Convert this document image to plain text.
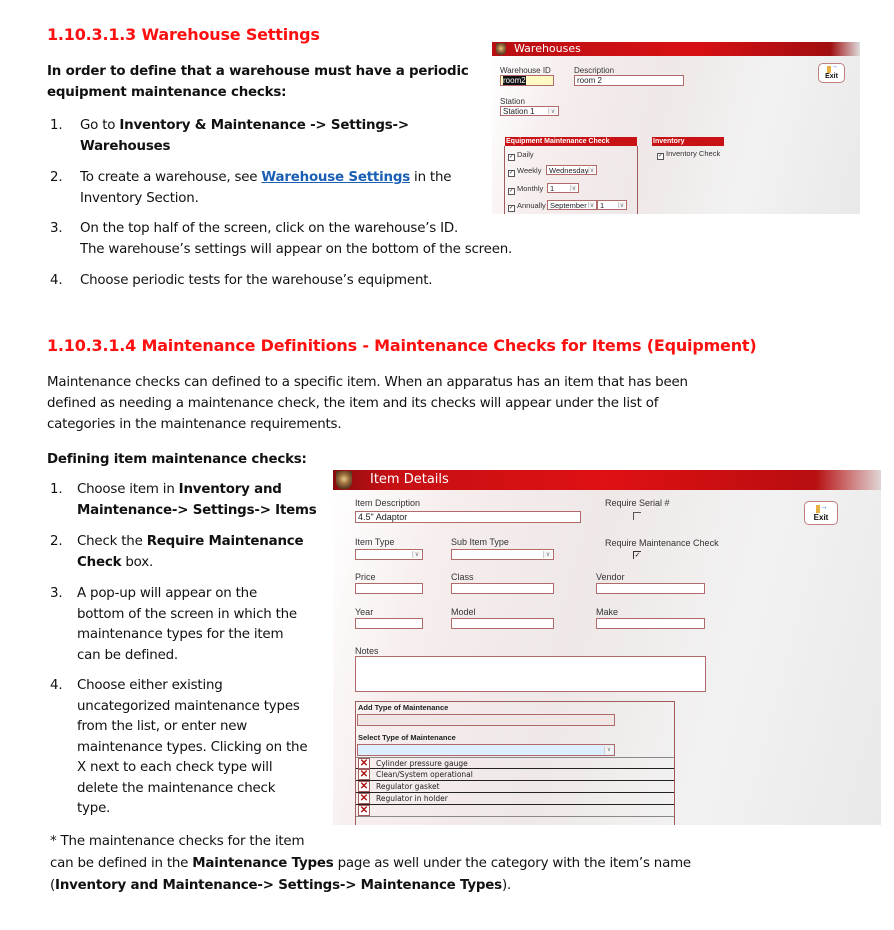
1.10.3.1.3 Warehouse Settings
In order to define that a warehouse must have a periodic
equipment maintenance checks:
1. Go to Inventory & Maintenance -> Settings->
Warehouses
2. To create a warehouse, see Warehouse Settings in the
Inventory Section.
3. On the top half of the screen, click on the warehouse’s ID.
The warehouse’s settings will appear on the bottom of the screen.
4. Choose periodic tests for the warehouse’s equipment.
Warehouses
Warehouse ID
room2
Description
room 2
→
Exit
Station
Station 1	∨
Equipment Maintenance Check
✓ Daily
✓ Weekly	Wednesday ∨
✓ Monthly 1	∨
✓ Annually September ∨ 1	∨
Inventory
✓ Inventory Check
1.10.3.1.4 Maintenance Definitions - Maintenance Checks for Items (Equipment)
Maintenance checks can defined to a specific item. When an apparatus has an item that has been
defined as needing a maintenance check, the item and its checks will appear under the list of
categories in the maintenance requirements.
Defining item maintenance checks:
1. Choose item in Inventory and
Maintenance-> Settings-> Items
2. Check the Require Maintenance
Check box.
3. A pop-up will appear on the
bottom of the screen in which the
maintenance types for the item
can be defined.
4. Choose either existing
uncategorized maintenance types
from the list, or enter new
maintenance types. Clicking on the
X next to each check type will
delete the maintenance check
type.
* The maintenance checks for the item
can be defined in the Maintenance Types page as well under the category with the item’s name
(Inventory and Maintenance-> Settings-> Maintenance Types).
Item Details
Item Description
4.5" Adaptor
Require Serial #	→
Exit
Item Type
∨
Sub Item Type
∨
Require Maintenance Check
✓
Price	Class	Vendor
Year	Model	Make
Notes
Add Type of Maintenance
Select Type of Maintenance
∨
✕ Cylinder pressure gauge
✕ Clean/System operational
✕ Regulator gasket
✕ Regulator in holder
✕
